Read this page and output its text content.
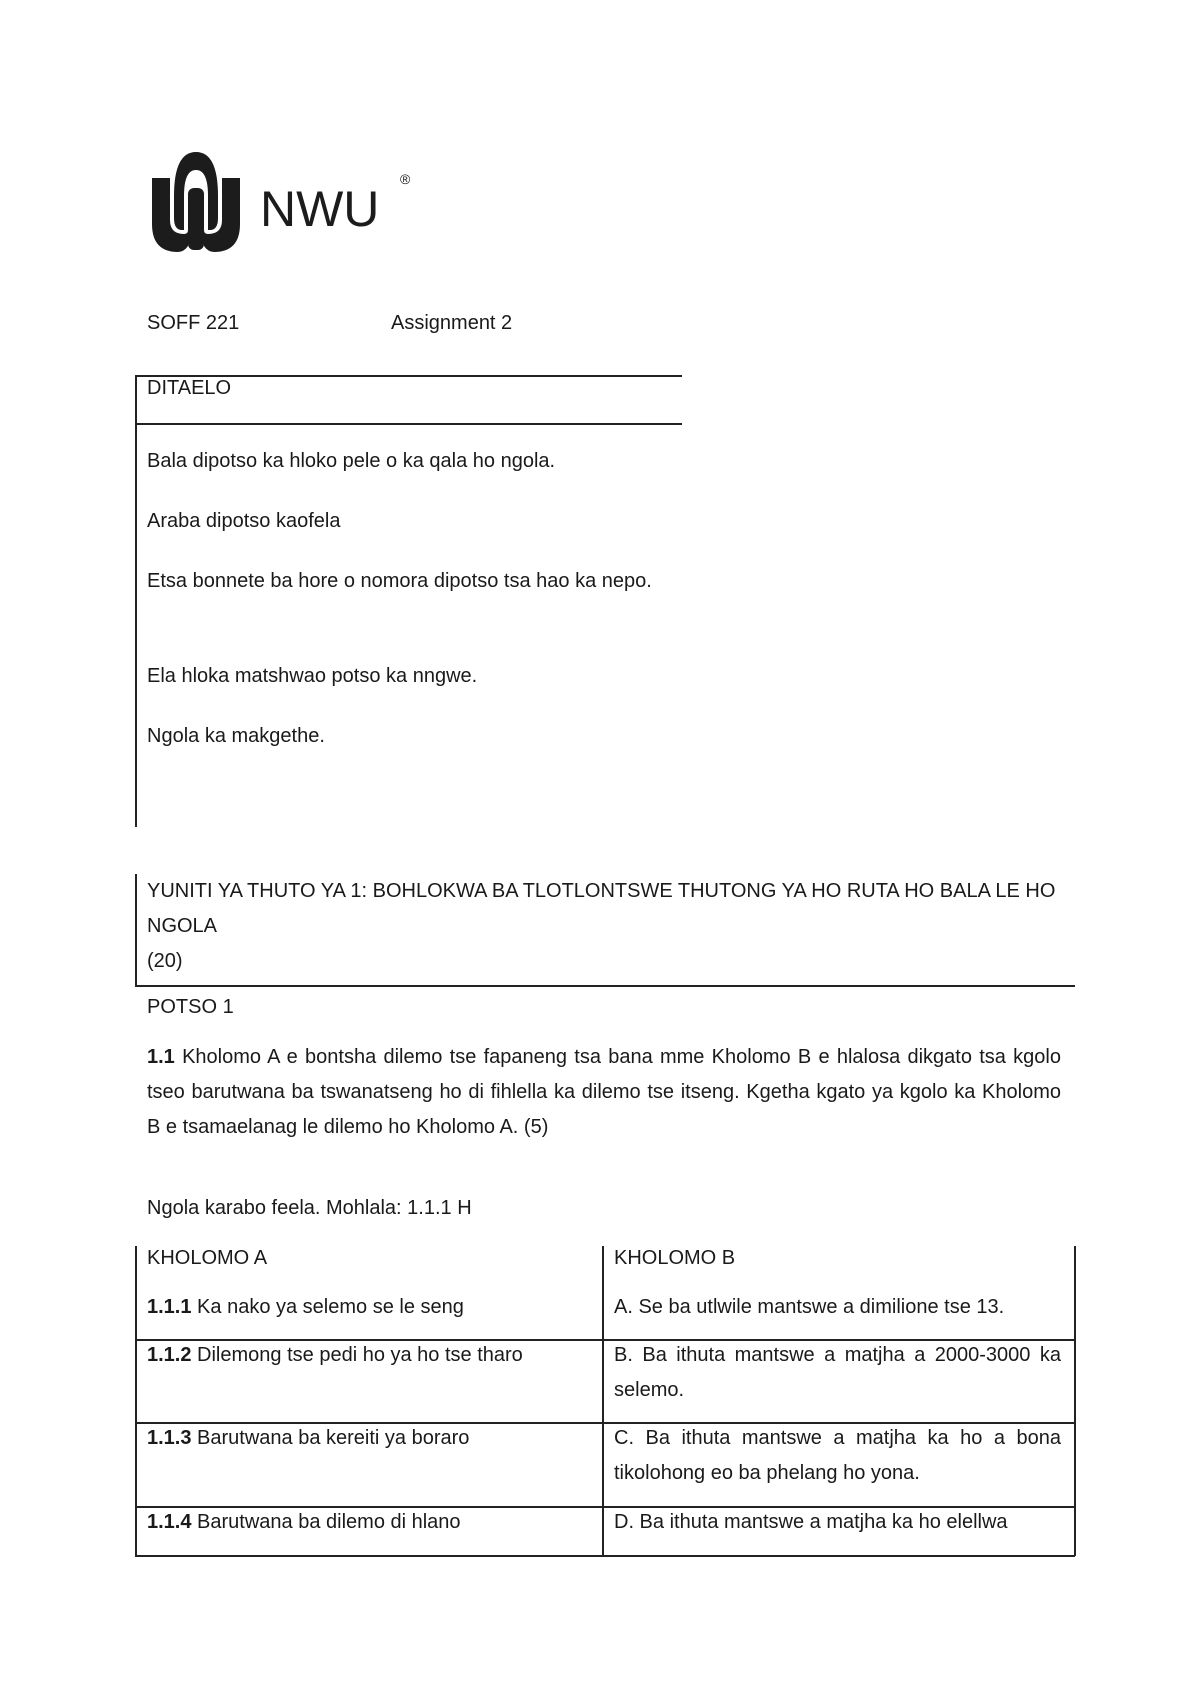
NWU
®
SOFF 221	Assignment 2
DITAELO
Bala dipotso ka hloko pele o ka qala ho ngola.
Araba dipotso kaofela
Etsa bonnete ba hore o nomora dipotso tsa hao ka nepo.
Ela hloka matshwao potso ka nngwe.
Ngola ka makgethe.
YUNITI YA THUTO YA 1: BOHLOKWA BA TLOTLONTSWE THUTONG YA HO RUTA HO BALA LE HO NGOLA
(20)
POTSO 1
1.1 Kholomo A e bontsha dilemo tse fapaneng tsa bana mme Kholomo B e hlalosa dikgato tsa kgolo tseo barutwana ba tswanatseng ho di fihlella ka dilemo tse itseng. Kgetha kgato ya kgolo ka Kholomo B e tsamaelanag le dilemo ho Kholomo A. (5)
Ngola karabo feela. Mohlala: 1.1.1 H
KHOLOMO A	KHOLOMO B
1.1.1 Ka nako ya selemo se le seng	A. Se ba utlwile mantswe a dimilione tse 13.
1.1.2 Dilemong tse pedi ho ya ho tse tharo	B. Ba ithuta mantswe a matjha a 2000-3000 ka selemo.
1.1.3 Barutwana ba kereiti ya boraro	C. Ba ithuta mantswe a matjha ka ho a bona tikolohong eo ba phelang ho yona.
1.1.4 Barutwana ba dilemo di hlano	D. Ba ithuta mantswe a matjha ka ho elellwa
